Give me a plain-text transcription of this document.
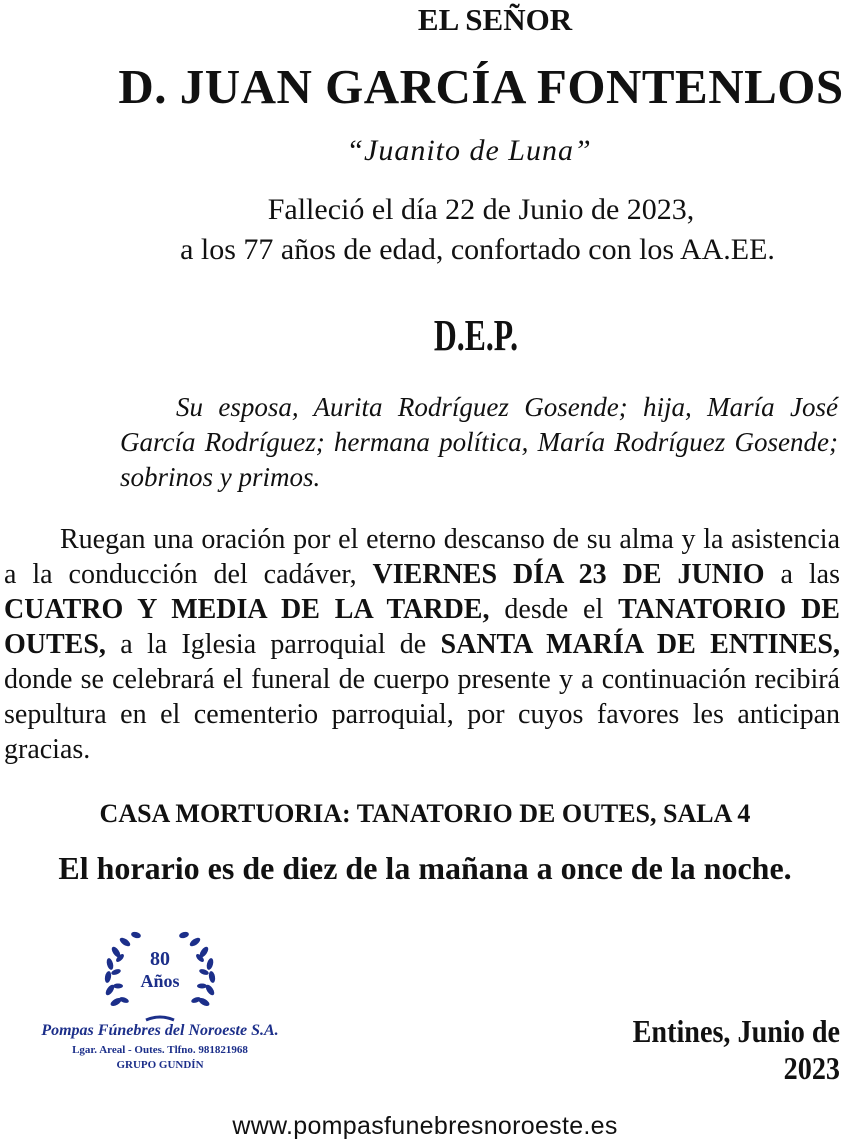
EL SEÑOR
D. JUAN GARCÍA FONTENLOS
“Juanito de Luna”
Falleció el día 22 de Junio de 2023,
a los 77 años de edad, confortado con los AA.EE.
D.E.P.
Su esposa, Aurita Rodríguez Gosende; hija, María José García Rodríguez; hermana política, María Rodríguez Gosende; sobrinos y primos.
Ruegan una oración por el eterno descanso de su alma y la asistencia a la conducción del cadáver, VIERNES DÍA 23 DE JUNIO a las CUATRO Y MEDIA DE LA TARDE, desde el TANATORIO DE OUTES, a la Iglesia parroquial de SANTA MARÍA DE ENTINES, donde se celebrará el funeral de cuerpo presente y a continuación recibirá sepultura en el cementerio parroquial, por cuyos favores les anticipan gracias.
CASA MORTUORIA: TANATORIO DE OUTES, SALA 4
El horario es de diez de la mañana a once de la noche.
80
Años
Pompas Fúnebres del Noroeste S.A.
Lgar. Areal - Outes. Tlfno. 981821968
GRUPO GUNDÍN
Entines, Junio de 2023
www.pompasfunebresnoroeste.es
